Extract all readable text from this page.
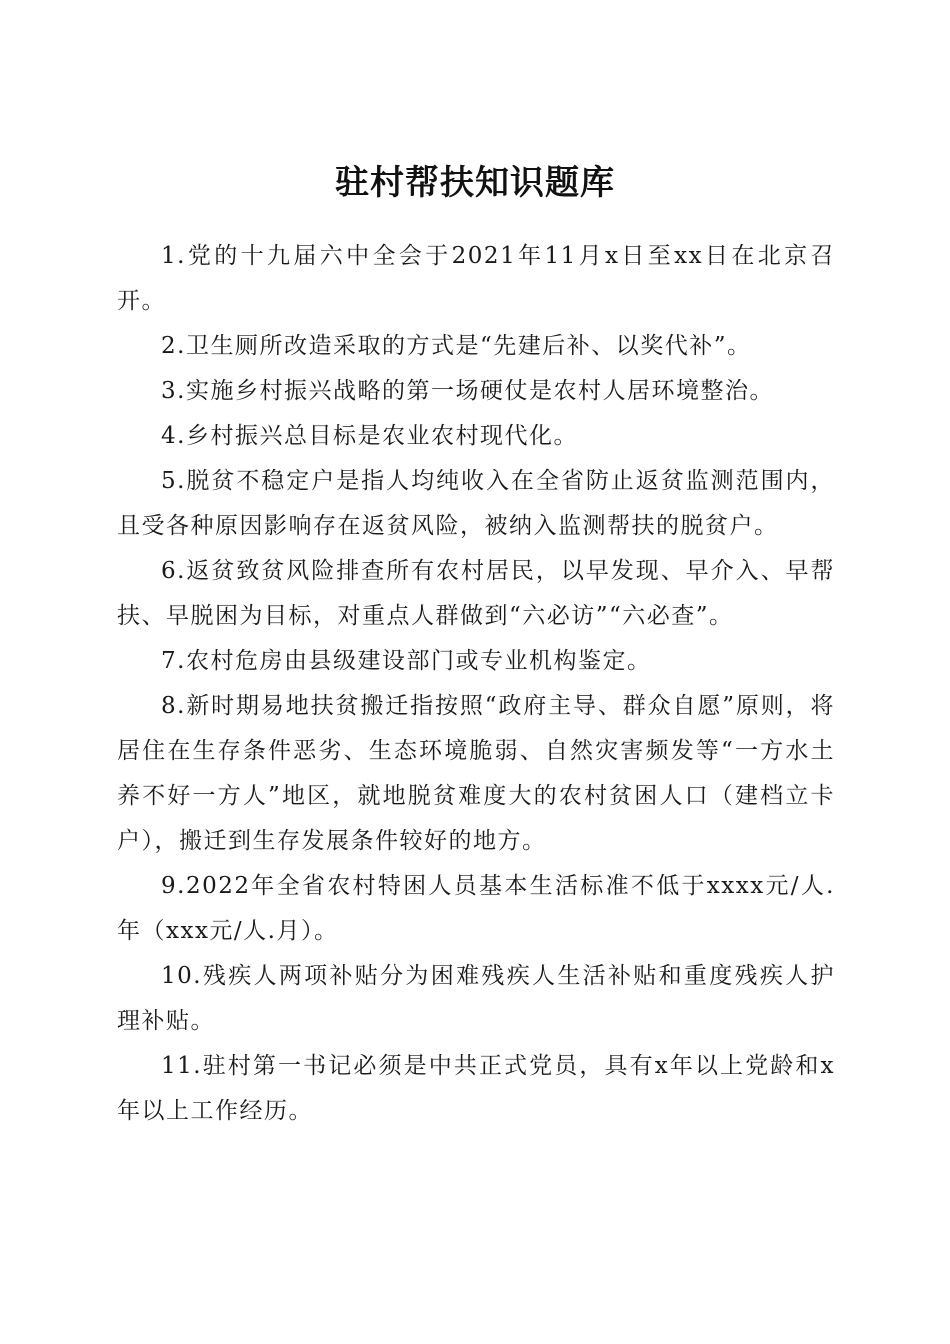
驻村帮扶知识题库

1.党的十九届六中全会于2021年11月x日至xx日在北京召开。

2.卫生厕所改造采取的方式是“先建后补、以奖代补”。

3.实施乡村振兴战略的第一场硬仗是农村人居环境整治。

4.乡村振兴总目标是农业农村现代化。

5.脱贫不稳定户是指人均纯收入在全省防止返贫监测范围内，且受各种原因影响存在返贫风险，被纳入监测帮扶的脱贫户。

6.返贫致贫风险排查所有农村居民，以早发现、早介入、早帮扶、早脱困为目标，对重点人群做到“六必访”“六必查”。

7.农村危房由县级建设部门或专业机构鉴定。

8.新时期易地扶贫搬迁指按照“政府主导、群众自愿”原则，将居住在生存条件恶劣、生态环境脆弱、自然灾害频发等“一方水土养不好一方人”地区，就地脱贫难度大的农村贫困人口（建档立卡户），搬迁到生存发展条件较好的地方。

9.2022年全省农村特困人员基本生活标准不低于xxxx元/人.年（xxx元/人.月）。

10.残疾人两项补贴分为困难残疾人生活补贴和重度残疾人护理补贴。

11.驻村第一书记必须是中共正式党员，具有x年以上党龄和x年以上工作经历。
